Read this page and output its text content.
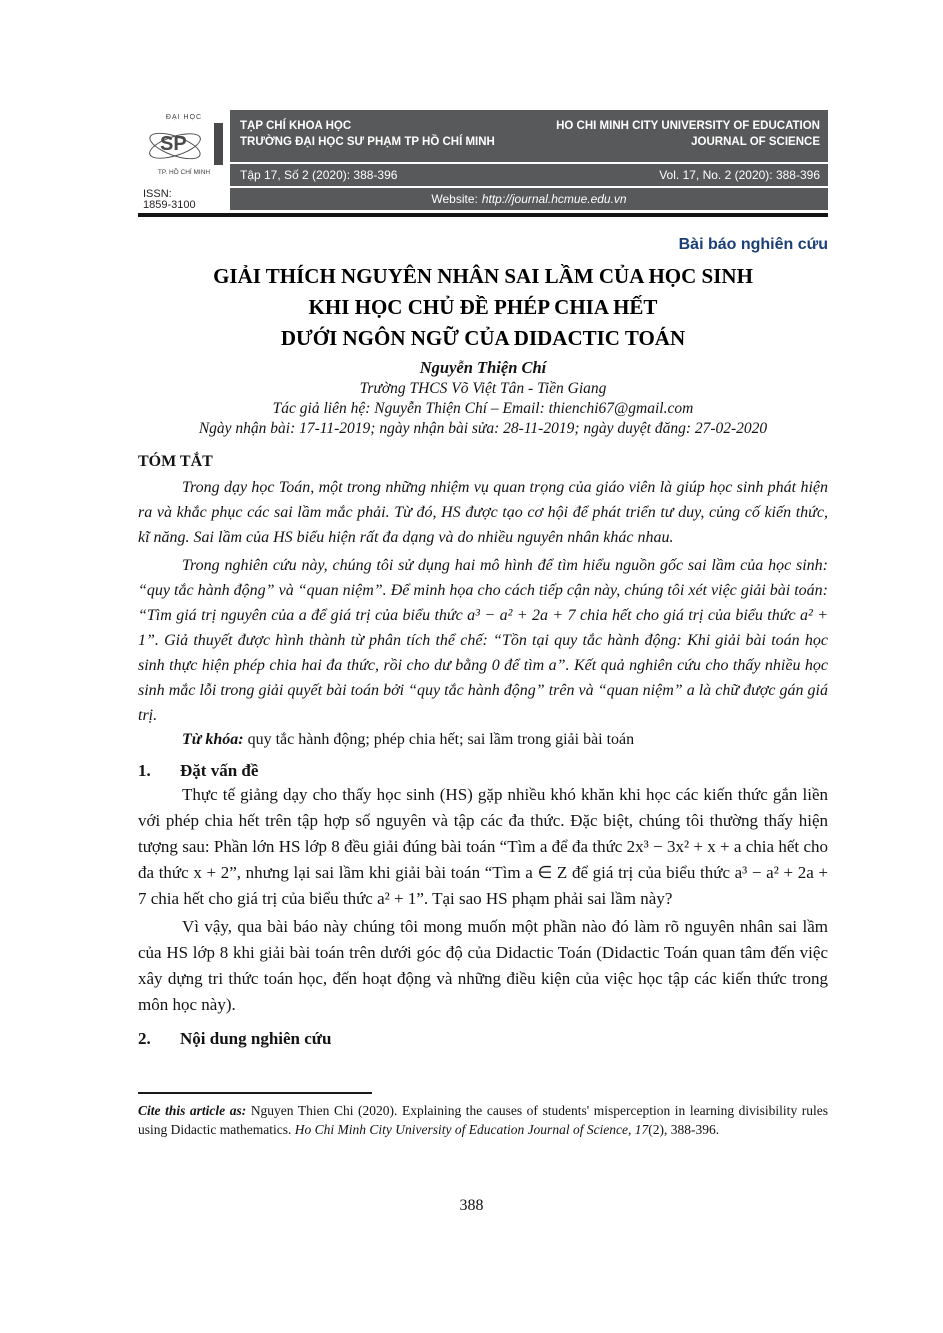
ĐẠI HỌC
SP
TP. HỒ CHÍ MINH
ISSN:
1859-3100
TẠP CHÍ KHOA HỌC
TRƯỜNG ĐẠI HỌC SƯ PHẠM TP HỒ CHÍ MINH
HO CHI MINH CITY UNIVERSITY OF EDUCATION
JOURNAL OF SCIENCE
Tập 17, Số 2 (2020): 388-396	Vol. 17, No. 2 (2020): 388-396
Website: http://journal.hcmue.edu.vn

Bài báo nghiên cứu

GIẢI THÍCH NGUYÊN NHÂN SAI LẦM CỦA HỌC SINH
KHI HỌC CHỦ ĐỀ PHÉP CHIA HẾT
DƯỚI NGÔN NGỮ CỦA DIDACTIC TOÁN

Nguyễn Thiện Chí

Trường THCS Võ Việt Tân - Tiền Giang

Tác giả liên hệ: Nguyễn Thiện Chí – Email: thienchi67@gmail.com

Ngày nhận bài: 17-11-2019; ngày nhận bài sửa: 28-11-2019; ngày duyệt đăng: 27-02-2020

TÓM TẮT

Trong dạy học Toán, một trong những nhiệm vụ quan trọng của giáo viên là giúp học sinh phát hiện ra và khắc phục các sai lầm mắc phải. Từ đó, HS được tạo cơ hội để phát triển tư duy, củng cố kiến thức, kĩ năng. Sai lầm của HS biểu hiện rất đa dạng và do nhiều nguyên nhân khác nhau.

Trong nghiên cứu này, chúng tôi sử dụng hai mô hình để tìm hiểu nguồn gốc sai lầm của học sinh: “quy tắc hành động” và “quan niệm”. Để minh họa cho cách tiếp cận này, chúng tôi xét việc giải bài toán: “Tìm giá trị nguyên của a để giá trị của biểu thức a³ − a² + 2a + 7 chia hết cho giá trị của biểu thức a² + 1”. Giả thuyết được hình thành từ phân tích thể chế: “Tồn tại quy tắc hành động: Khi giải bài toán học sinh thực hiện phép chia hai đa thức, rồi cho dư bằng 0 để tìm a”. Kết quả nghiên cứu cho thấy nhiều học sinh mắc lỗi trong giải quyết bài toán bởi “quy tắc hành động” trên và “quan niệm” a là chữ được gán giá trị.

Từ khóa: quy tắc hành động; phép chia hết; sai lầm trong giải bài toán

1. Đặt vấn đề

Thực tế giảng dạy cho thấy học sinh (HS) gặp nhiều khó khăn khi học các kiến thức gắn liền với phép chia hết trên tập hợp số nguyên và tập các đa thức. Đặc biệt, chúng tôi thường thấy hiện tượng sau: Phần lớn HS lớp 8 đều giải đúng bài toán “Tìm a để đa thức 2x³ − 3x² + x + a chia hết cho đa thức x + 2”, nhưng lại sai lầm khi giải bài toán “Tìm a ∈ Z để giá trị của biểu thức a³ − a² + 2a + 7 chia hết cho giá trị của biểu thức a² + 1”. Tại sao HS phạm phải sai lầm này?

Vì vậy, qua bài báo này chúng tôi mong muốn một phần nào đó làm rõ nguyên nhân sai lầm của HS lớp 8 khi giải bài toán trên dưới góc độ của Didactic Toán (Didactic Toán quan tâm đến việc xây dựng tri thức toán học, đến hoạt động và những điều kiện của việc học tập các kiến thức trong môn học này).

2. Nội dung nghiên cứu

Cite this article as: Nguyen Thien Chi (2020). Explaining the causes of students' misperception in learning divisibility rules using Didactic mathematics. Ho Chi Minh City University of Education Journal of Science, 17(2), 388-396.

388
